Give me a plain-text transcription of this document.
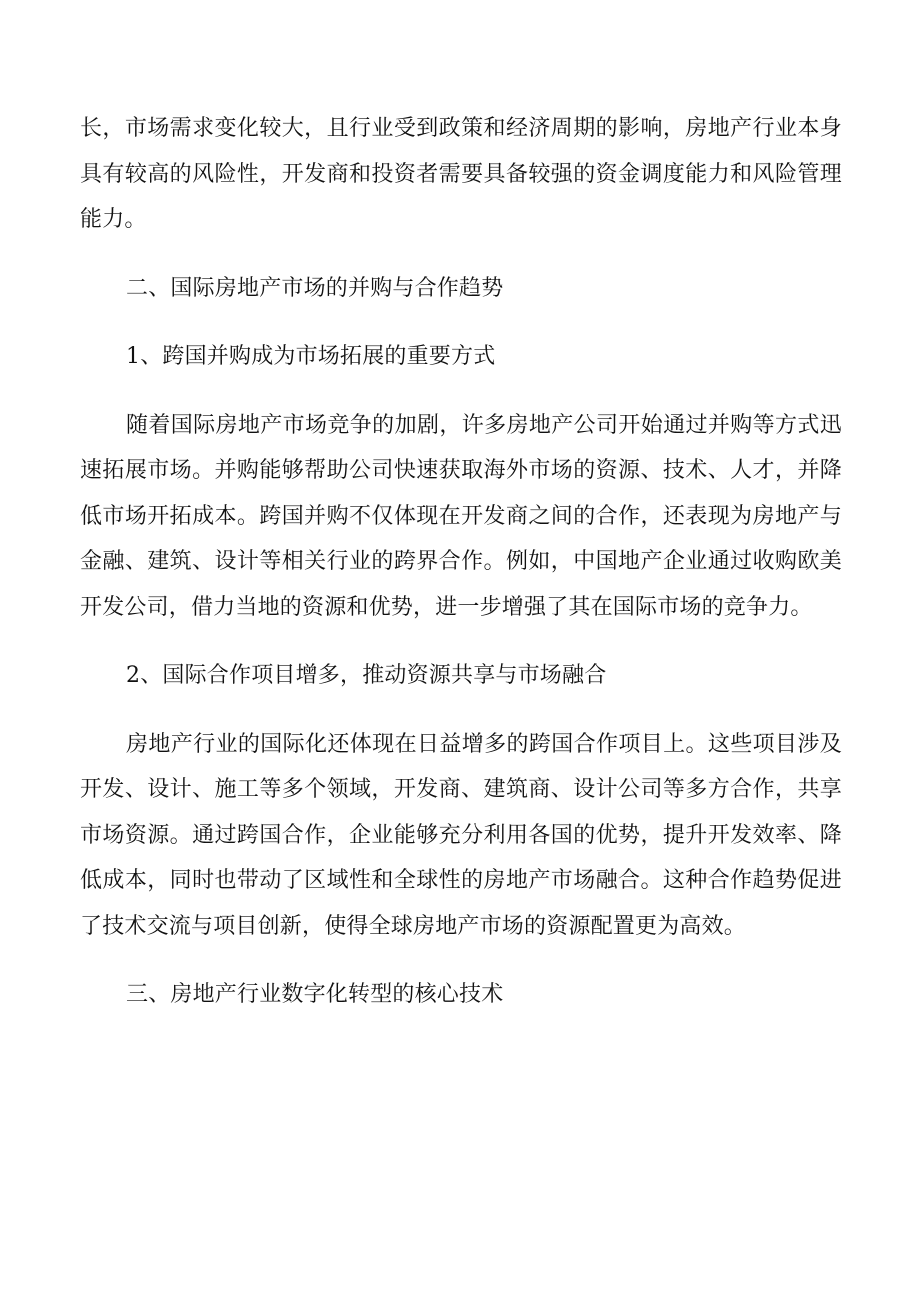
长，市场需求变化较大，且行业受到政策和经济周期的影响，房地产行业本身具有较高的风险性，开发商和投资者需要具备较强的资金调度能力和风险管理能力。

二、国际房地产市场的并购与合作趋势

1、跨国并购成为市场拓展的重要方式

随着国际房地产市场竞争的加剧，许多房地产公司开始通过并购等方式迅速拓展市场。并购能够帮助公司快速获取海外市场的资源、技术、人才，并降低市场开拓成本。跨国并购不仅体现在开发商之间的合作，还表现为房地产与金融、建筑、设计等相关行业的跨界合作。例如，中国地产企业通过收购欧美开发公司，借力当地的资源和优势，进一步增强了其在国际市场的竞争力。

2、国际合作项目增多，推动资源共享与市场融合

房地产行业的国际化还体现在日益增多的跨国合作项目上。这些项目涉及开发、设计、施工等多个领域，开发商、建筑商、设计公司等多方合作，共享市场资源。通过跨国合作，企业能够充分利用各国的优势，提升开发效率、降低成本，同时也带动了区域性和全球性的房地产市场融合。这种合作趋势促进了技术交流与项目创新，使得全球房地产市场的资源配置更为高效。

三、房地产行业数字化转型的核心技术
